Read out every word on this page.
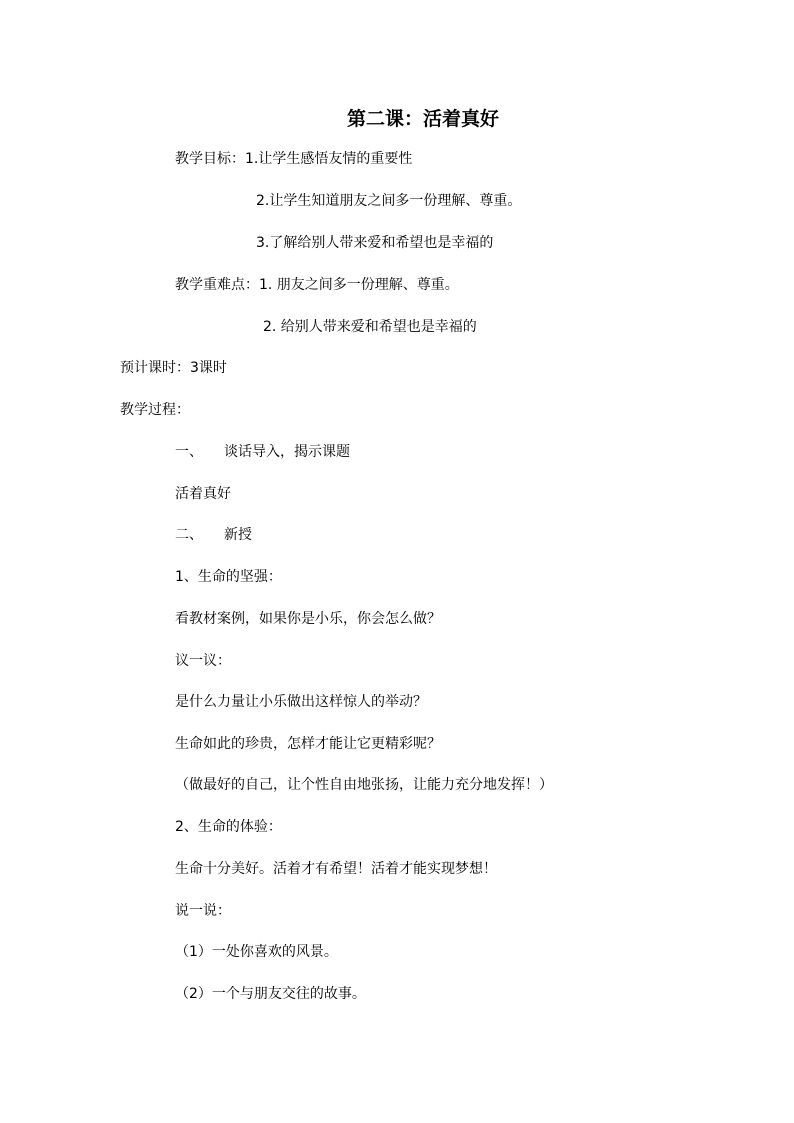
第二课：活着真好
教学目标：1.让学生感悟友情的重要性
2.让学生知道朋友之间多一份理解、尊重。
3.了解给别人带来爱和希望也是幸福的
教学重难点：1. 朋友之间多一份理解、尊重。
2. 给别人带来爱和希望也是幸福的
预计课时：3课时
教学过程：
一、 谈话导入，揭示课题
活着真好
二、 新授
1、生命的坚强：
看教材案例，如果你是小乐，你会怎么做？
议一议：
是什么力量让小乐做出这样惊人的举动？
生命如此的珍贵，怎样才能让它更精彩呢？
（做最好的自己，让个性自由地张扬，让能力充分地发挥！）
2、生命的体验：
生命十分美好。活着才有希望！活着才能实现梦想！
说一说：
（1）一处你喜欢的风景。
（2）一个与朋友交往的故事。
